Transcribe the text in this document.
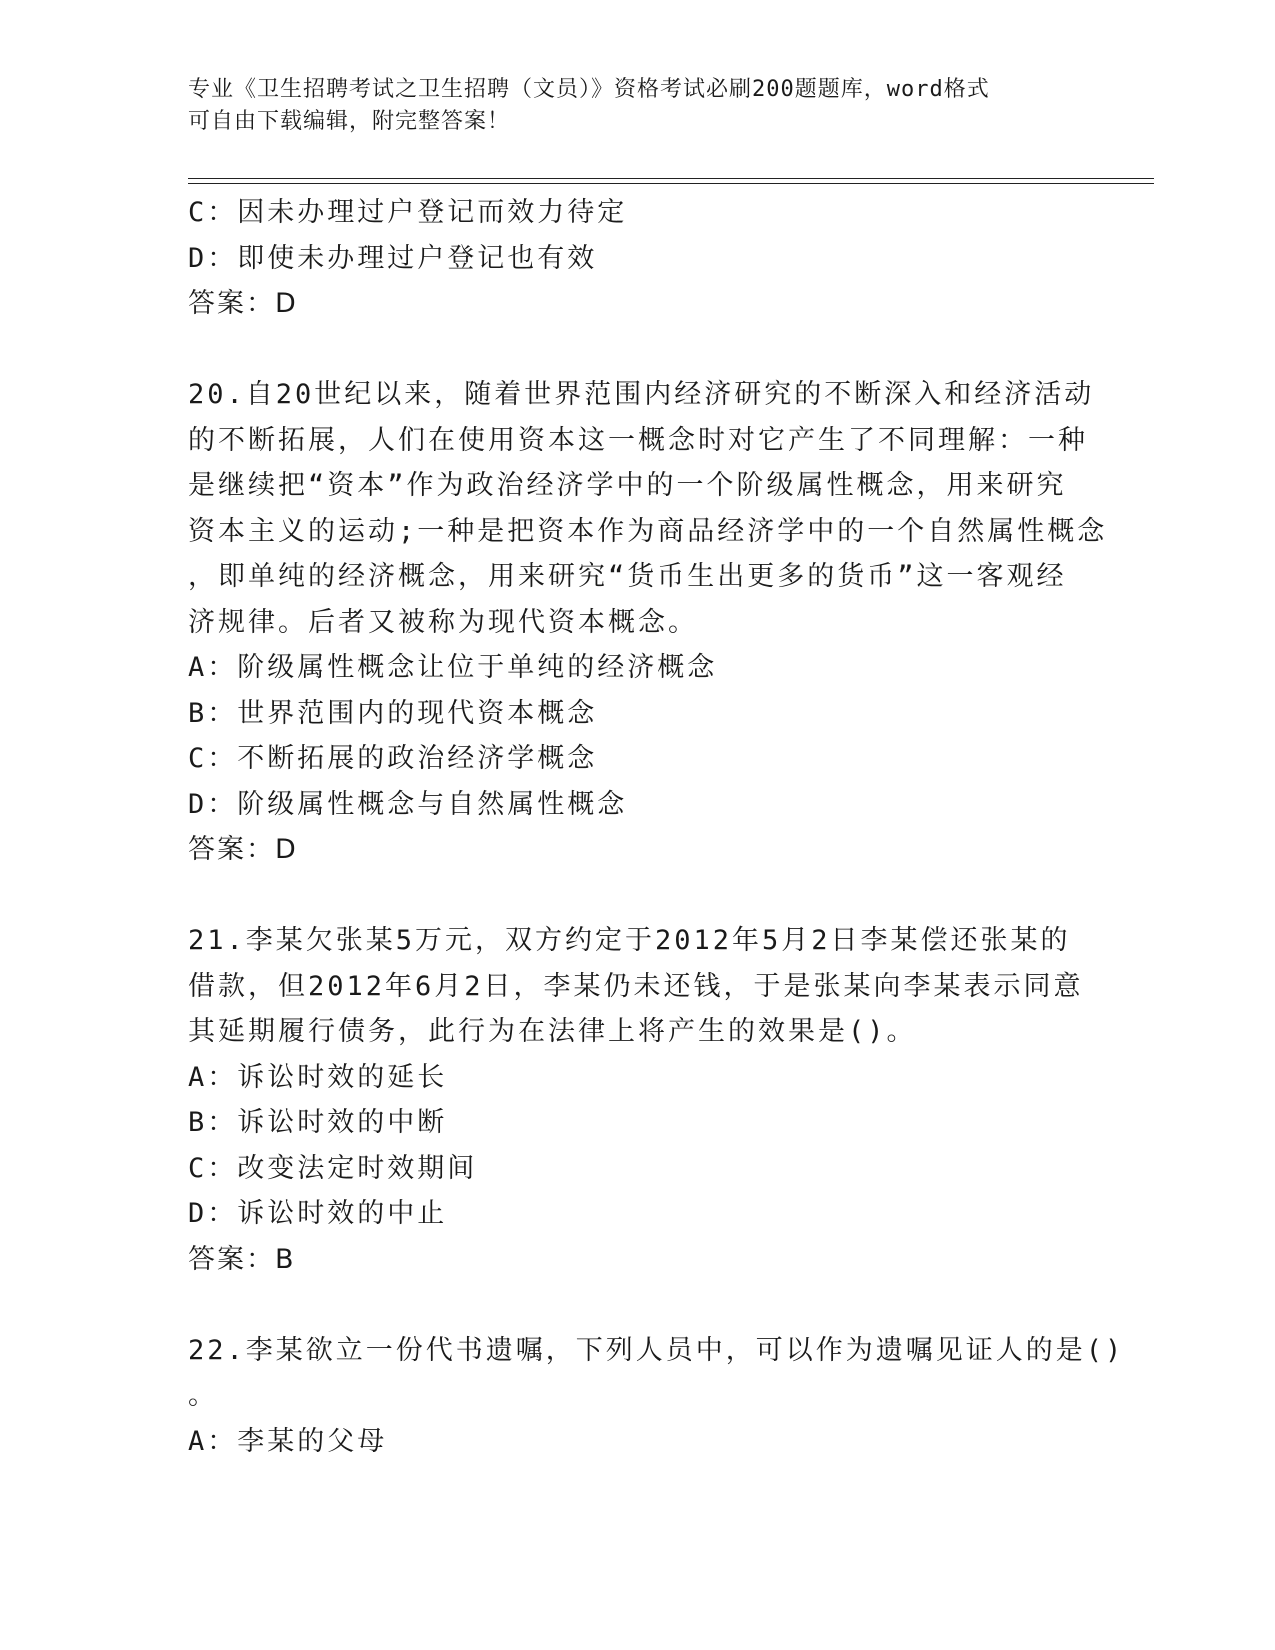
专业《卫生招聘考试之卫生招聘（文员）》资格考试必刷200题题库，word格式
可自由下载编辑，附完整答案！
C：因未办理过户登记而效力待定
D：即使未办理过户登记也有效
答案：D
20.自20世纪以来，随着世界范围内经济研究的不断深入和经济活动
的不断拓展，人们在使用资本这一概念时对它产生了不同理解：一种
是继续把“资本”作为政治经济学中的一个阶级属性概念，用来研究
资本主义的运动;一种是把资本作为商品经济学中的一个自然属性概念
，即单纯的经济概念，用来研究“货币生出更多的货币”这一客观经
济规律。后者又被称为现代资本概念。
A：阶级属性概念让位于单纯的经济概念
B：世界范围内的现代资本概念
C：不断拓展的政治经济学概念
D：阶级属性概念与自然属性概念
答案：D
21.李某欠张某5万元，双方约定于2012年5月2日李某偿还张某的
借款，但2012年6月2日，李某仍未还钱，于是张某向李某表示同意
其延期履行债务，此行为在法律上将产生的效果是()。
A：诉讼时效的延长
B：诉讼时效的中断
C：改变法定时效期间
D：诉讼时效的中止
答案：B
22.李某欲立一份代书遗嘱，下列人员中，可以作为遗嘱见证人的是()
。
A：李某的父母
